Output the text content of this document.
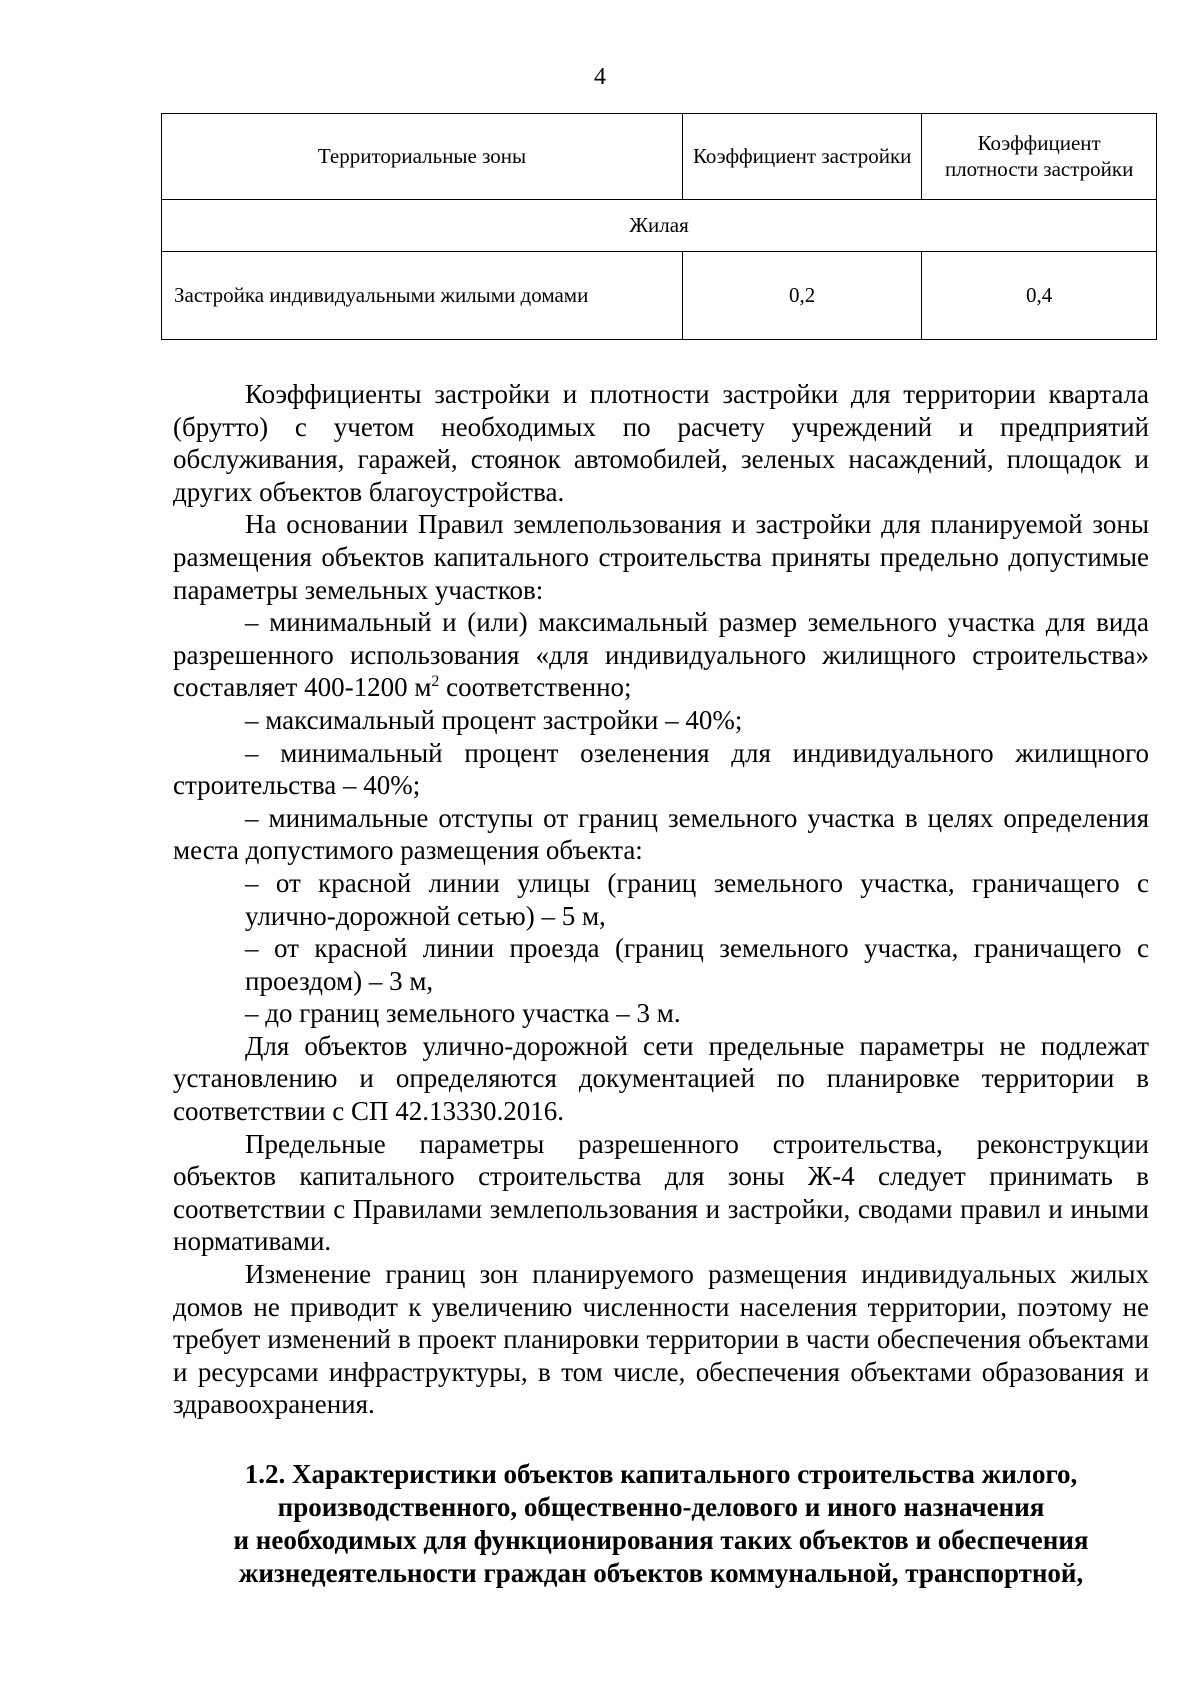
4
Территориальные зоны	Коэффициент застройки	Коэффициент плотности застройки
Жилая		
Застройка индивидуальными жилыми домами	0,2	0,4

Коэффициенты застройки и плотности застройки для территории квартала (брутто) с учетом необходимых по расчету учреждений и предприятий обслуживания, гаражей, стоянок автомобилей, зеленых насаждений, площадок и других объектов благоустройства.

На основании Правил землепользования и застройки для планируемой зоны размещения объектов капитального строительства приняты предельно допустимые параметры земельных участков:

– минимальный и (или) максимальный размер земельного участка для вида разрешенного использования «для индивидуального жилищного строительства» составляет 400-1200 $м^2$ соответственно;

– максимальный процент застройки – 40%;

– минимальный процент озеленения для индивидуального жилищного строительства – 40%;

– минимальные отступы от границ земельного участка в целях определения места допустимого размещения объекта:

– от красной линии улицы (границ земельного участка, граничащего с улично-дорожной сетью) – 5 м,

– от красной линии проезда (границ земельного участка, граничащего с проездом) – 3 м,

– до границ земельного участка – 3 м.

Для объектов улично-дорожной сети предельные параметры не подлежат установлению и определяются документацией по планировке территории в соответствии с СП 42.13330.2016.

Предельные параметры разрешенного строительства, реконструкции объектов капитального строительства для зоны Ж-4 следует принимать в соответствии с Правилами землепользования и застройки, сводами правил и иными нормативами.

Изменение границ зон планируемого размещения индивидуальных жилых домов не приводит к увеличению численности населения территории, поэтому не требует изменений в проект планировки территории в части обеспечения объектами и ресурсами инфраструктуры, в том числе, обеспечения объектами образования и здравоохранения.

1.2. Характеристики объектов капитального строительства жилого,
производственного, общественно-делового и иного назначения
и необходимых для функционирования таких объектов и обеспечения
жизнедеятельности граждан объектов коммунальной, транспортной,
